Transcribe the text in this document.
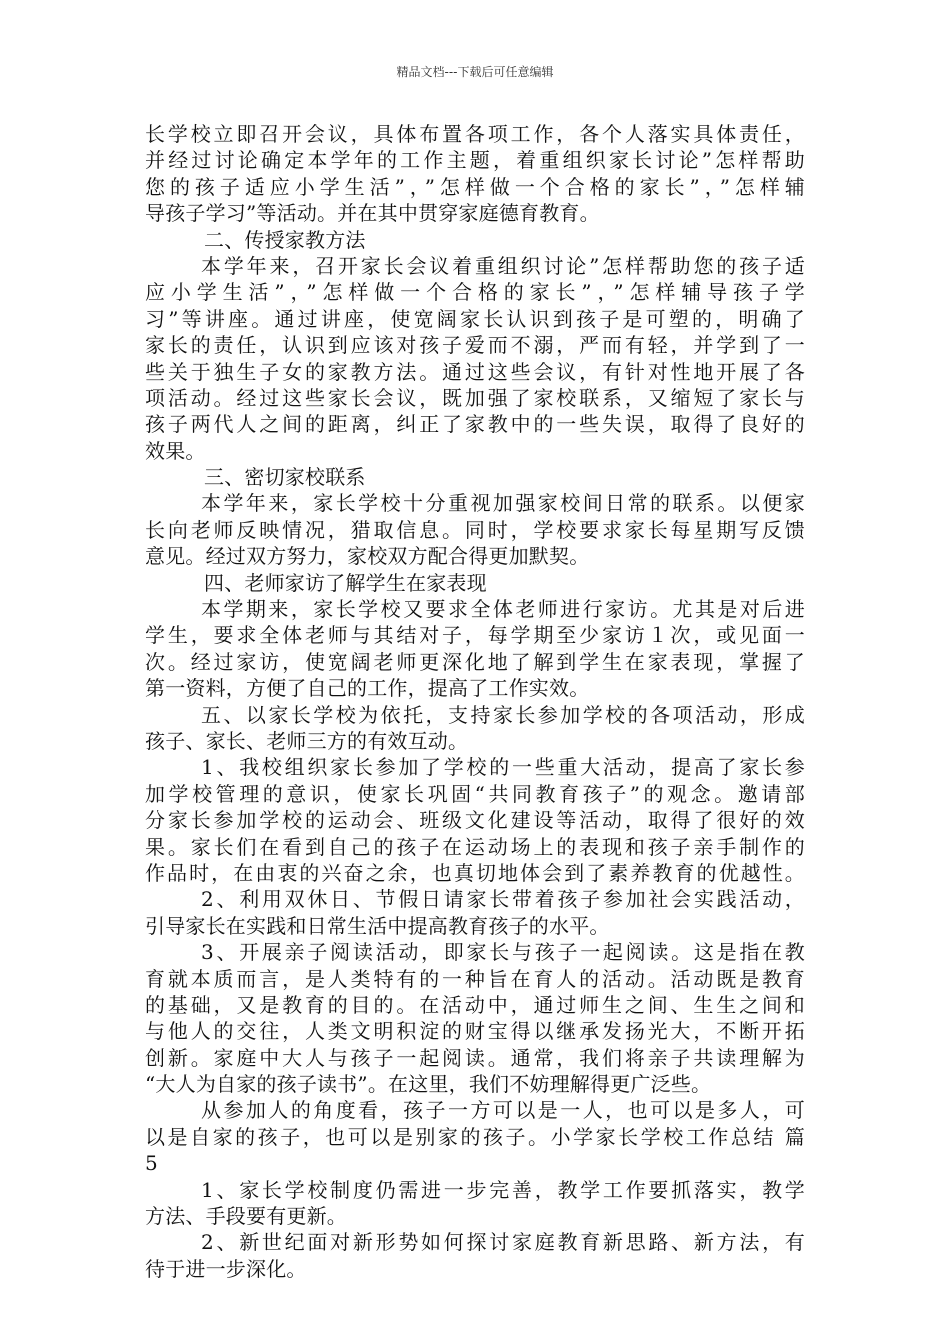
精品文档---下载后可任意编辑
长学校立即召开会议，具体布置各项工作，各个人落实具体责任，
并经过讨论确定本学年的工作主题，着重组织家长讨论”怎样帮助
您的孩子适应小学生活”，”怎样做一个合格的家长”，”怎样辅
导孩子学习”等活动。并在其中贯穿家庭德育教育。
二、传授家教方法
本学年来，召开家长会议着重组织讨论”怎样帮助您的孩子适
应小学生活”，”怎样做一个合格的家长”，”怎样辅导孩子学
习”等讲座。通过讲座，使宽阔家长认识到孩子是可塑的，明确了
家长的责任，认识到应该对孩子爱而不溺，严而有轻，并学到了一
些关于独生子女的家教方法。通过这些会议，有针对性地开展了各
项活动。经过这些家长会议，既加强了家校联系，又缩短了家长与
孩子两代人之间的距离，纠正了家教中的一些失误，取得了良好的
效果。
三、密切家校联系
本学年来，家长学校十分重视加强家校间日常的联系。以便家
长向老师反映情况，猎取信息。同时，学校要求家长每星期写反馈
意见。经过双方努力，家校双方配合得更加默契。
四、老师家访了解学生在家表现
本学期来，家长学校又要求全体老师进行家访。尤其是对后进
学生，要求全体老师与其结对子，每学期至少家访１次，或见面一
次。经过家访，使宽阔老师更深化地了解到学生在家表现，掌握了
第一资料，方便了自己的工作，提高了工作实效。
五、以家长学校为依托，支持家长参加学校的各项活动，形成
孩子、家长、老师三方的有效互动。
1、我校组织家长参加了学校的一些重大活动，提高了家长参
加学校管理的意识，使家长巩固“共同教育孩子”的观念。邀请部
分家长参加学校的运动会、班级文化建设等活动，取得了很好的效
果。家长们在看到自己的孩子在运动场上的表现和孩子亲手制作的
作品时，在由衷的兴奋之余，也真切地体会到了素养教育的优越性。
2、利用双休日、节假日请家长带着孩子参加社会实践活动，
引导家长在实践和日常生活中提高教育孩子的水平。
3、开展亲子阅读活动，即家长与孩子一起阅读。这是指在教
育就本质而言，是人类特有的一种旨在育人的活动。活动既是教育
的基础，又是教育的目的。在活动中，通过师生之间、生生之间和
与他人的交往，人类文明积淀的财宝得以继承发扬光大，不断开拓
创新。家庭中大人与孩子一起阅读。通常，我们将亲子共读理解为
“大人为自家的孩子读书”。在这里，我们不妨理解得更广泛些。
从参加人的角度看，孩子一方可以是一人，也可以是多人，可
以是自家的孩子，也可以是别家的孩子。小学家长学校工作总结 篇
5
1、家长学校制度仍需进一步完善，教学工作要抓落实，教学
方法、手段要有更新。
2、新世纪面对新形势如何探讨家庭教育新思路、新方法，有
待于进一步深化。
